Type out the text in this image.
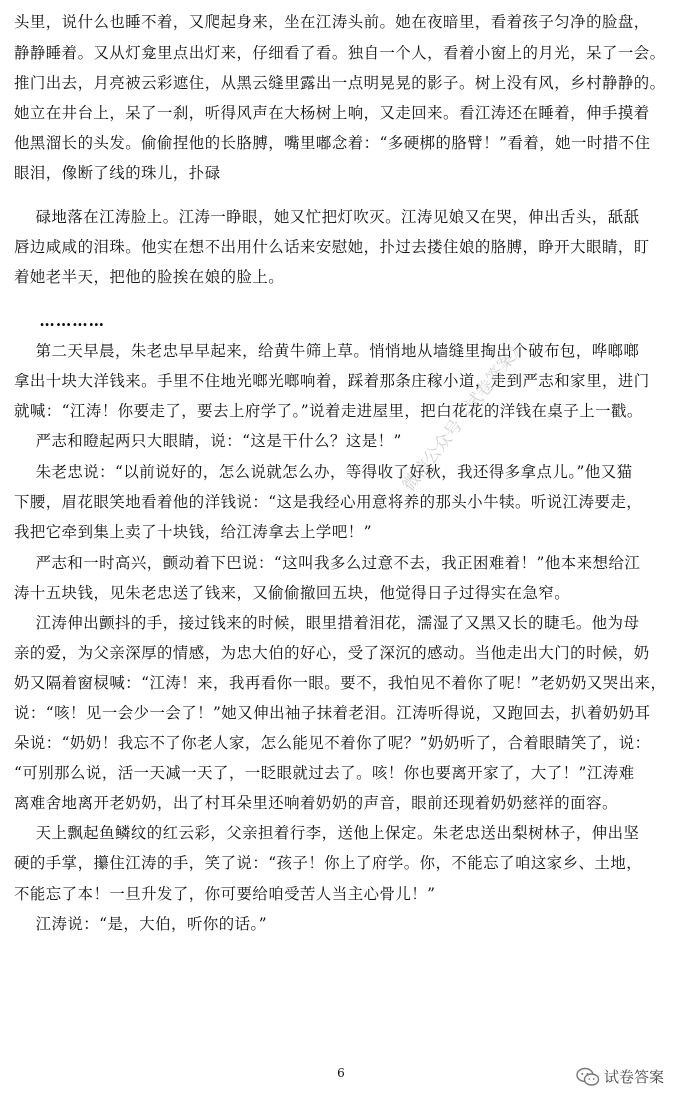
头里，说什么也睡不着，又爬起身来，坐在江涛头前。她在夜暗里，看着孩子匀净的脸盘，
静静睡着。又从灯龛里点出灯来，仔细看了看。独自一个人，看着小窗上的月光，呆了一会。
推门出去，月亮被云彩遮住，从黑云缝里露出一点明晃晃的影子。树上没有风，乡村静静的。
她立在井台上，呆了一刹，听得风声在大杨树上响，又走回来。看江涛还在睡着，伸手摸着
他黑溜长的头发。偷偷捏他的长胳膊，嘴里嘟念着：“多硬梆的胳臂！”看着，她一时措不住
眼泪，像断了线的珠儿，扑碌
碌地落在江涛脸上。江涛一睁眼，她又忙把灯吹灭。江涛见娘又在哭，伸出舌头，舐舐
唇边咸咸的泪珠。他实在想不出用什么话来安慰她，扑过去搂住娘的胳膊，睁开大眼睛，盯
着她老半天，把他的脸挨在娘的脸上。
…………
第二天早晨，朱老忠早早起来，给黄牛筛上草。悄悄地从墙缝里掏出个破布包，哗啷啷
拿出十块大洋钱来。手里不住地光啷光啷响着，踩着那条庄稼小道，走到严志和家里，进门
就喊：“江涛！你要走了，要去上府学了。”说着走进屋里，把白花花的洋钱在桌子上一戳。
严志和瞪起两只大眼睛，说：“这是干什么？这是！”
朱老忠说：“以前说好的，怎么说就怎么办，等得收了好秋，我还得多拿点儿。”他又猫
下腰，眉花眼笑地看着他的洋钱说：“这是我经心用意将养的那头小牛犊。听说江涛要走，
我把它牵到集上卖了十块钱，给江涛拿去上学吧！”
严志和一时高兴，颤动着下巴说：“这叫我多么过意不去，我正困难着！”他本来想给江
涛十五块钱，见朱老忠送了钱来，又偷偷撤回五块，他觉得日子过得实在急窄。
江涛伸出颤抖的手，接过钱来的时候，眼里措着泪花，濡湿了又黑又长的睫毛。他为母
亲的爱，为父亲深厚的情感，为忠大伯的好心，受了深沉的感动。当他走出大门的时候，奶
奶又隔着窗棂喊：“江涛！来，我再看你一眼。要不，我怕见不着你了呢！”老奶奶又哭出来，
说：“咳！见一会少一会了！”她又伸出袖子抹着老泪。江涛听得说，又跑回去，扒着奶奶耳
朵说：“奶奶！我忘不了你老人家，怎么能见不着你了呢？”奶奶听了，合着眼睛笑了，说：
“可别那么说，活一天减一天了，一眨眼就过去了。咳！你也要离开家了，大了！”江涛难
离难舍地离开老奶奶，出了村耳朵里还响着奶奶的声音，眼前还现着奶奶慈祥的面容。
天上飘起鱼鳞纹的红云彩，父亲担着行李，送他上保定。朱老忠送出梨树林子，伸出坚
硬的手掌，攥住江涛的手，笑了说：“孩子！你上了府学。你，不能忘了咱这家乡、土地，
不能忘了本！一旦升发了，你可要给咱受苦人当主心骨儿！”
江涛说：“是，大伯，听你的话。”
微信公众号《试卷答案》
6	试卷答案
